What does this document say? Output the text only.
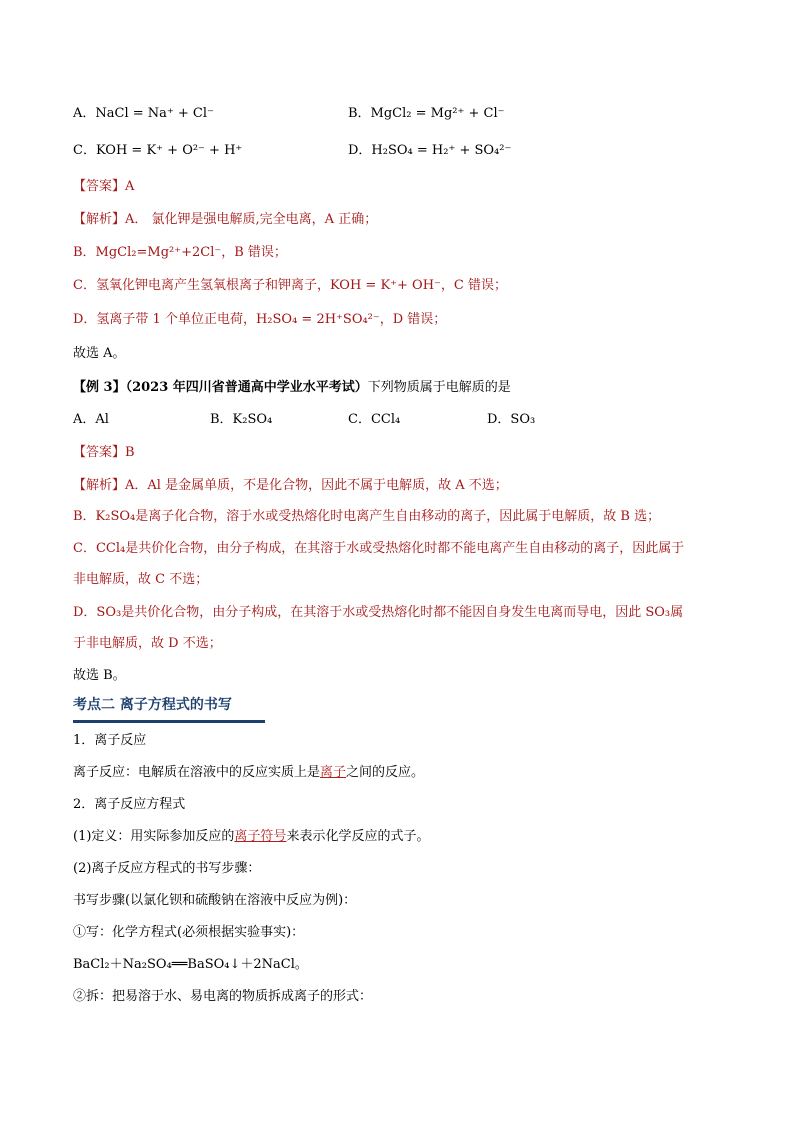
A．NaCl = Na⁺ + Cl⁻	B．MgCl₂ = Mg²⁺ + Cl⁻
C．KOH = K⁺ + O²⁻ + H⁺	D．H₂SO₄ = H₂⁺ + SO₄²⁻
【答案】A
【解析】A． 氯化钾是强电解质,完全电离，A 正确；
B．MgCl₂=Mg²⁺+2Cl⁻，B 错误；
C．氢氧化钾电离产生氢氧根离子和钾离子，KOH = K⁺+ OH⁻，C 错误；
D．氢离子带 1 个单位正电荷，H₂SO₄ = 2H⁺SO₄²⁻，D 错误；
故选 A。
【例 3】（2023 年四川省普通高中学业水平考试）下列物质属于电解质的是
A．Al	B．K₂SO₄	C．CCl₄	D．SO₃
【答案】B
【解析】A．Al 是金属单质，不是化合物，因此不属于电解质，故 A 不选；
B．K₂SO₄是离子化合物，溶于水或受热熔化时电离产生自由移动的离子，因此属于电解质，故 B 选；
C．CCl₄是共价化合物，由分子构成，在其溶于水或受热熔化时都不能电离产生自由移动的离子，因此属于
非电解质，故 C 不选；
D．SO₃是共价化合物，由分子构成，在其溶于水或受热熔化时都不能因自身发生电离而导电，因此 SO₃属
于非电解质，故 D 不选；
故选 B。
考点二 离子方程式的书写
1．离子反应
离子反应：电解质在溶液中的反应实质上是离子之间的反应。
2．离子反应方程式
(1)定义：用实际参加反应的离子符号来表示化学反应的式子。
(2)离子反应方程式的书写步骤：
书写步骤(以氯化钡和硫酸钠在溶液中反应为例)：
①写：化学方程式(必须根据实验事实)：
BaCl₂＋Na₂SO₄══BaSO₄↓＋2NaCl。
②拆：把易溶于水、易电离的物质拆成离子的形式：
